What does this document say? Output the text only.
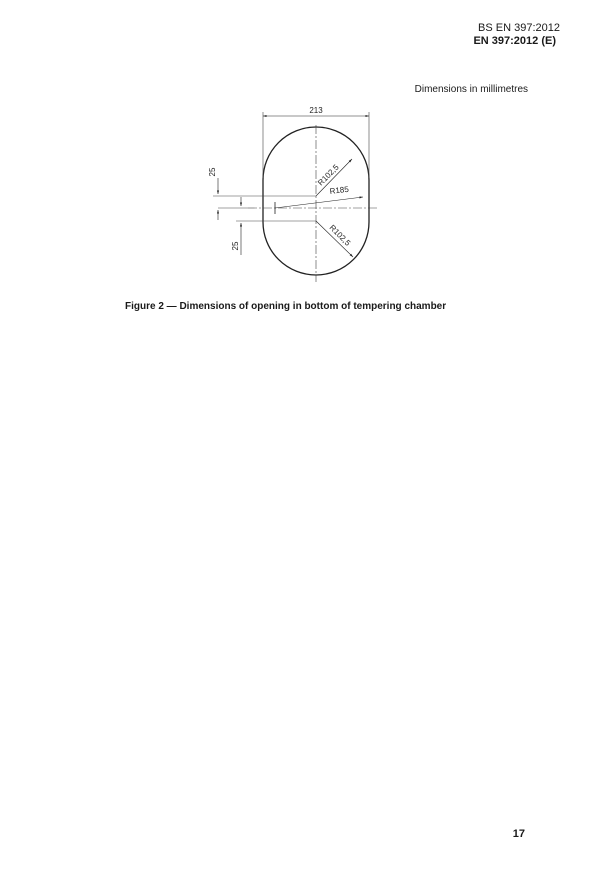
BS EN 397:2012
EN 397:2012 (E)
Dimensions in millimetres
213
25
25
R185
R102,5
R102,5
Figure 2 — Dimensions of opening in bottom of tempering chamber
17
